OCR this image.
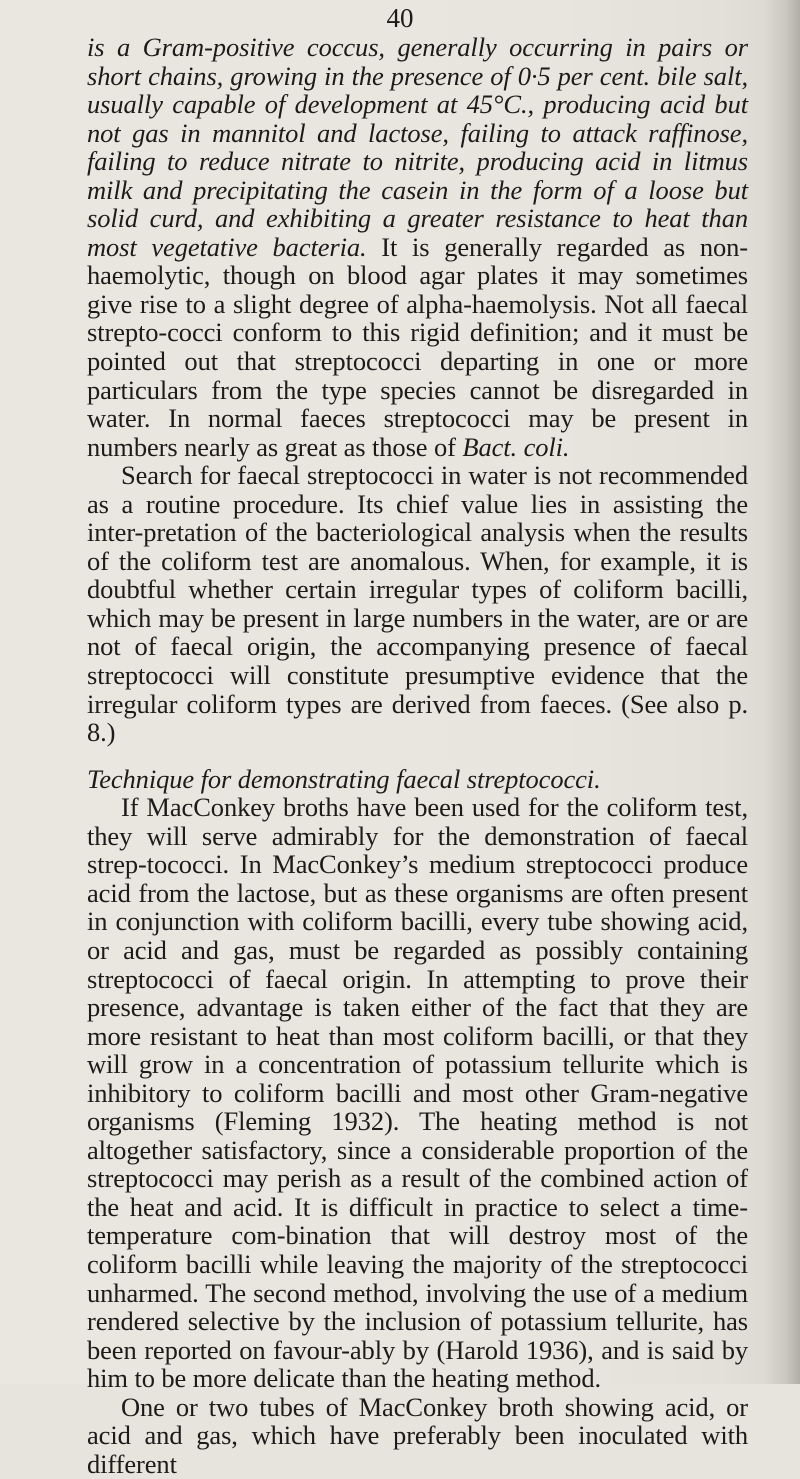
40

is a Gram-positive coccus, generally occurring in pairs or short chains, growing in the presence of 0·5 per cent. bile salt, usually capable of development at 45°C., producing acid but not gas in mannitol and lactose, failing to attack raffinose, failing to reduce nitrate to nitrite, producing acid in litmus milk and precipitating the casein in the form of a loose but solid curd, and exhibiting a greater resistance to heat than most vegetative bacteria. It is generally regarded as non-haemolytic, though on blood agar plates it may sometimes give rise to a slight degree of alpha-haemolysis. Not all faecal strepto-cocci conform to this rigid definition; and it must be pointed out that streptococci departing in one or more particulars from the type species cannot be disregarded in water. In normal faeces streptococci may be present in numbers nearly as great as those of Bact. coli.

Search for faecal streptococci in water is not recommended as a routine procedure. Its chief value lies in assisting the inter-pretation of the bacteriological analysis when the results of the coliform test are anomalous. When, for example, it is doubtful whether certain irregular types of coliform bacilli, which may be present in large numbers in the water, are or are not of faecal origin, the accompanying presence of faecal streptococci will constitute presumptive evidence that the irregular coliform types are derived from faeces. (See also p. 8.)

Technique for demonstrating faecal streptococci.

If MacConkey broths have been used for the coliform test, they will serve admirably for the demonstration of faecal strep-tococci. In MacConkey’s medium streptococci produce acid from the lactose, but as these organisms are often present in conjunction with coliform bacilli, every tube showing acid, or acid and gas, must be regarded as possibly containing streptococci of faecal origin. In attempting to prove their presence, advantage is taken either of the fact that they are more resistant to heat than most coliform bacilli, or that they will grow in a concentration of potassium tellurite which is inhibitory to coliform bacilli and most other Gram-negative organisms (Fleming 1932). The heating method is not altogether satisfactory, since a considerable proportion of the streptococci may perish as a result of the combined action of the heat and acid. It is difficult in practice to select a time-temperature com-bination that will destroy most of the coliform bacilli while leaving the majority of the streptococci unharmed. The second method, involving the use of a medium rendered selective by the inclusion of potassium tellurite, has been reported on favour-ably by (Harold 1936), and is said by him to be more delicate than the heating method.

One or two tubes of MacConkey broth showing acid, or acid and gas, which have preferably been inoculated with different
